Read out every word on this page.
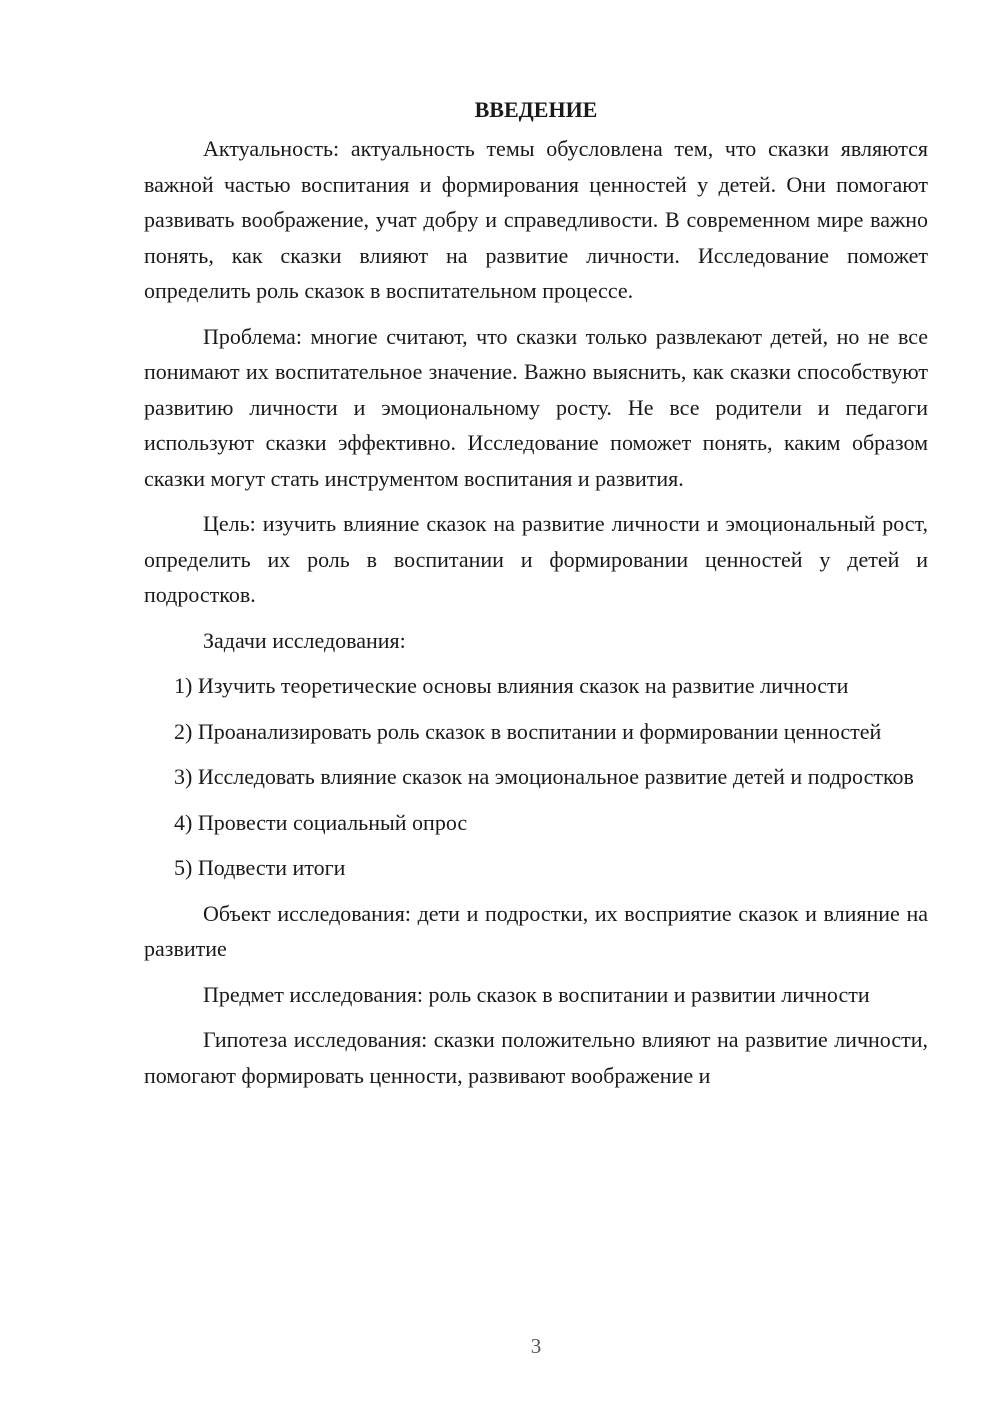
ВВЕДЕНИЕ

Актуальность: актуальность темы обусловлена тем, что сказки являются важной частью воспитания и формирования ценностей у детей. Они помогают развивать воображение, учат добру и справедливости. В современном мире важно понять, как сказки влияют на развитие личности. Исследование поможет определить роль сказок в воспитательном процессе.

Проблема: многие считают, что сказки только развлекают детей, но не все понимают их воспитательное значение. Важно выяснить, как сказки способствуют развитию личности и эмоциональному росту. Не все родители и педагоги используют сказки эффективно. Исследование поможет понять, каким образом сказки могут стать инструментом воспитания и развития.

Цель: изучить влияние сказок на развитие личности и эмоциональный рост, определить их роль в воспитании и формировании ценностей у детей и подростков.

Задачи исследования:

1) Изучить теоретические основы влияния сказок на развитие личности

2) Проанализировать роль сказок в воспитании и формировании ценностей

3) Исследовать влияние сказок на эмоциональное развитие детей и подростков

4) Провести социальный опрос

5) Подвести итоги

Объект исследования: дети и подростки, их восприятие сказок и влияние на развитие

Предмет исследования: роль сказок в воспитании и развитии личности

Гипотеза исследования: сказки положительно влияют на развитие личности, помогают формировать ценности, развивают воображение и

3
